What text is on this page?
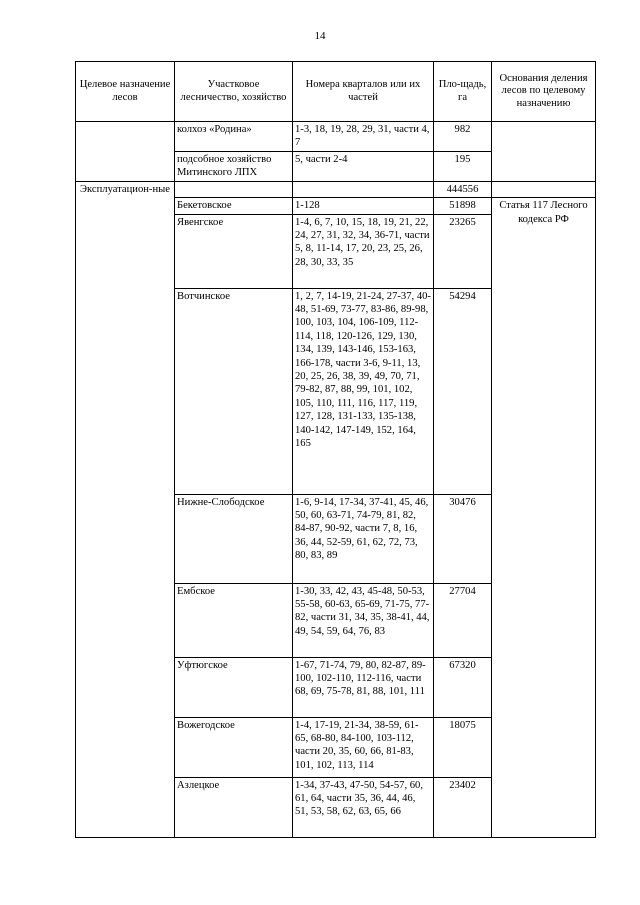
14
Целевое назначение лесов	Участковое лесничество, хозяйство	Номера кварталов или их частей	Пло-щадь, га	Основания деления лесов по целевому назначению
	колхоз «Родина»	1-3, 18, 19, 28, 29, 31, части 4, 7	982	
	подсобное хозяйство Митинского ЛПХ	5, части 2-4	195	
Эксплуатацион-ные			444556	
	Бекетовское	1-128	51898	Статья 117 Лесного кодекса РФ
	Явенгское	1-4, 6, 7, 10, 15, 18, 19, 21, 22, 24, 27, 31, 32, 34, 36-71, части 5, 8, 11-14, 17, 20, 23, 25, 26, 28, 30, 33, 35	23265	
	Вотчинское	1, 2, 7, 14-19, 21-24, 27-37, 40-48, 51-69, 73-77, 83-86, 89-98, 100, 103, 104, 106-109, 112-114, 118, 120-126, 129, 130, 134, 139, 143-146, 153-163, 166-178, части 3-6, 9-11, 13, 20, 25, 26, 38, 39, 49, 70, 71, 79-82, 87, 88, 99, 101, 102, 105, 110, 111, 116, 117, 119, 127, 128, 131-133, 135-138, 140-142, 147-149, 152, 164, 165	54294	
	Нижне-Слободское	1-6, 9-14, 17-34, 37-41, 45, 46, 50, 60, 63-71, 74-79, 81, 82, 84-87, 90-92, части 7, 8, 16, 36, 44, 52-59, 61, 62, 72, 73, 80, 83, 89	30476	
	Ембское	1-30, 33, 42, 43, 45-48, 50-53, 55-58, 60-63, 65-69, 71-75, 77-82, части 31, 34, 35, 38-41, 44, 49, 54, 59, 64, 76, 83	27704	
	Уфтюгское	1-67, 71-74, 79, 80, 82-87, 89-100, 102-110, 112-116, части 68, 69, 75-78, 81, 88, 101, 111	67320	
	Вожегодское	1-4, 17-19, 21-34, 38-59, 61-65, 68-80, 84-100, 103-112, части 20, 35, 60, 66, 81-83, 101, 102, 113, 114	18075	
	Азлецкое	1-34, 37-43, 47-50, 54-57, 60, 61, 64, части 35, 36, 44, 46, 51, 53, 58, 62, 63, 65, 66	23402	
